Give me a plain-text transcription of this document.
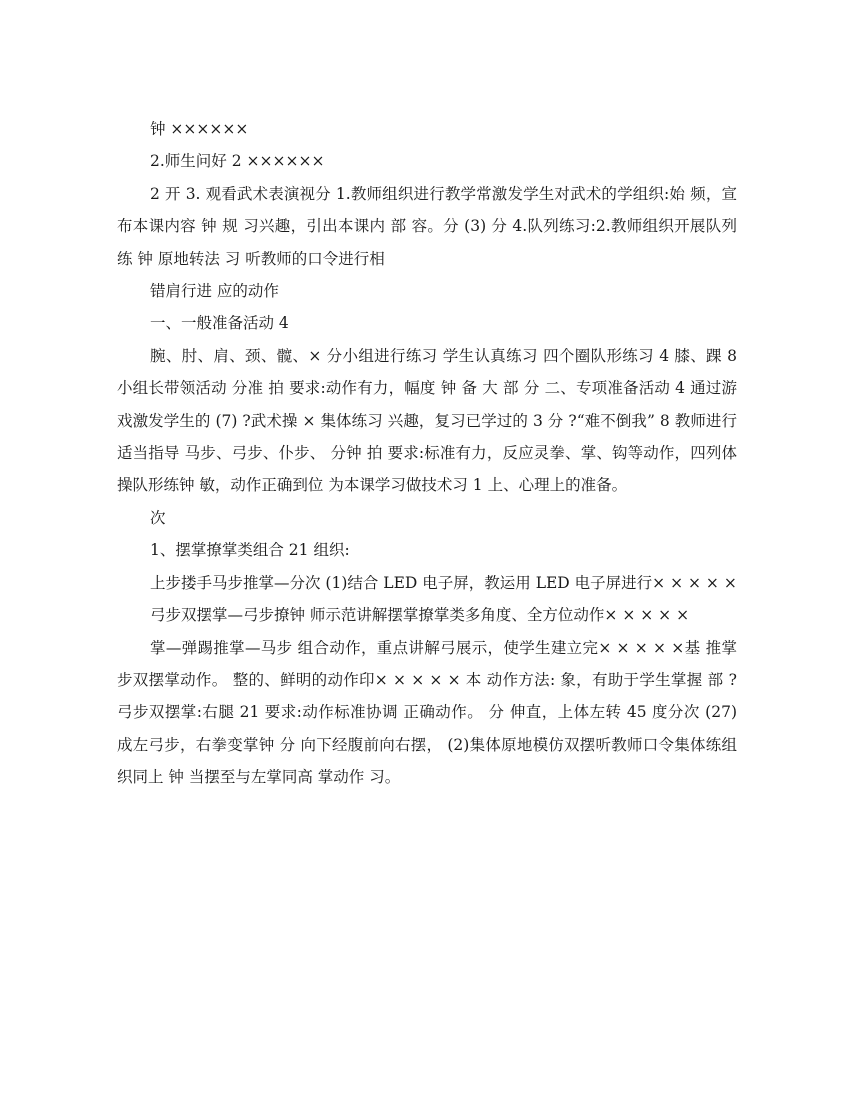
钟 ××××××

2.师生问好 2 ××××××

2 开 3. 观看武术表演视分 1.教师组织进行教学常激发学生对武术的学组织:始 频，宣布本课内容 钟 规 习兴趣，引出本课内 部 容。分 (3) 分 4.队列练习:2.教师组织开展队列练 钟 原地转法 习 听教师的口令进行相

错肩行进 应的动作

一、一般准备活动 4

腕、肘、肩、颈、髋、× 分小组进行练习 学生认真练习 四个圈队形练习 4 膝、踝 8 小组长带领活动 分准 拍 要求:动作有力，幅度 钟 备 大 部 分 二、专项准备活动 4 通过游戏激发学生的 (7) ?武术操 × 集体练习 兴趣，复习已学过的 3 分 ?“难不倒我” 8 教师进行适当指导 马步、弓步、仆步、 分钟 拍 要求:标准有力，反应灵拳、掌、钩等动作，四列体操队形练钟 敏，动作正确到位 为本课学习做技术习 1 上、心理上的准备。

次

1、摆掌撩掌类组合 21 组织:

上步搂手马步推掌—分次 (1)结合 LED 电子屏，教运用 LED 电子屏进行× × × × ×

弓步双摆掌—弓步撩钟 师示范讲解摆掌撩掌类多角度、全方位动作× × × × ×

掌—弹踢推掌—马步 组合动作，重点讲解弓展示，使学生建立完× × × × ×基 推掌 步双摆掌动作。 整的、鲜明的动作印× × × × × 本 动作方法: 象，有助于学生掌握 部 ?弓步双摆掌:右腿 21 要求:动作标准协调 正确动作。 分 伸直，上体左转 45 度分次 (27) 成左弓步，右拳变掌钟 分 向下经腹前向右摆， (2)集体原地模仿双摆听教师口令集体练组织同上 钟 当摆至与左掌同高 掌动作 习。
